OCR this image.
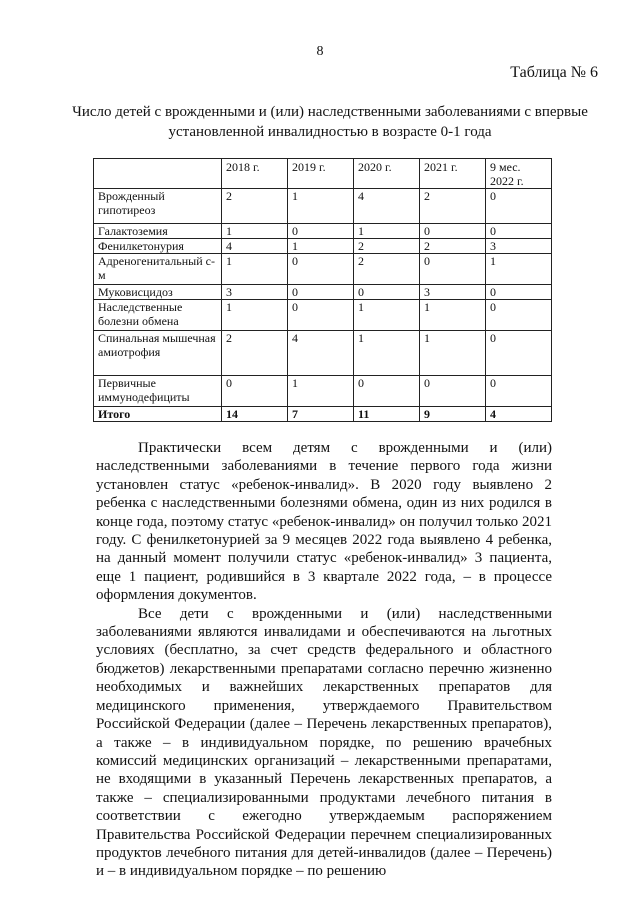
8
Таблица № 6
Число детей с врожденными и (или) наследственными заболеваниями с впервые установленной инвалидностью в возрасте 0-1 года
	2018 г.	2019 г.	2020 г.	2021 г.	9 мес. 2022 г.
Врожденный гипотиреоз	2	1	4	2	0
Галактоземия	1	0	1	0	0
Фенилкетонурия	4	1	2	2	3
Адреногенитальный с-м	1	0	2	0	1
Муковисцидоз	3	0	0	3	0
Наследственные болезни обмена	1	0	1	1	0
Спинальная мышечная амиотрофия	2	4	1	1	0
Первичные иммунодефициты	0	1	0	0	0
Итого	14	7	11	9	4

Практически всем детям с врожденными и (или) наследственными заболеваниями в течение первого года жизни установлен статус «ребенок-инвалид». В 2020 году выявлено 2 ребенка с наследственными болезнями обмена, один из них родился в конце года, поэтому статус «ребенок-инвалид» он получил только 2021 году. С фенилкетонурией за 9 месяцев 2022 года выявлено 4 ребенка, на данный момент получили статус «ребенок-инвалид» 3 пациента, еще 1 пациент, родившийся в 3 квартале 2022 года, – в процессе оформления документов.

Все дети с врожденными и (или) наследственными заболеваниями являются инвалидами и обеспечиваются на льготных условиях (бесплатно, за счет средств федерального и областного бюджетов) лекарственными препаратами согласно перечню жизненно необходимых и важнейших лекарственных препаратов для медицинского применения, утверждаемого Правительством Российской Федерации (далее – Перечень лекарственных препаратов), а также – в индивидуальном порядке, по решению врачебных комиссий медицинских организаций – лекарственными препаратами, не входящими в указанный Перечень лекарственных препаратов, а также – специализированными продуктами лечебного питания в соответствии с ежегодно утверждаемым распоряжением Правительства Российской Федерации перечнем специализированных продуктов лечебного питания для детей-инвалидов (далее – Перечень) и – в индивидуальном порядке – по решению
